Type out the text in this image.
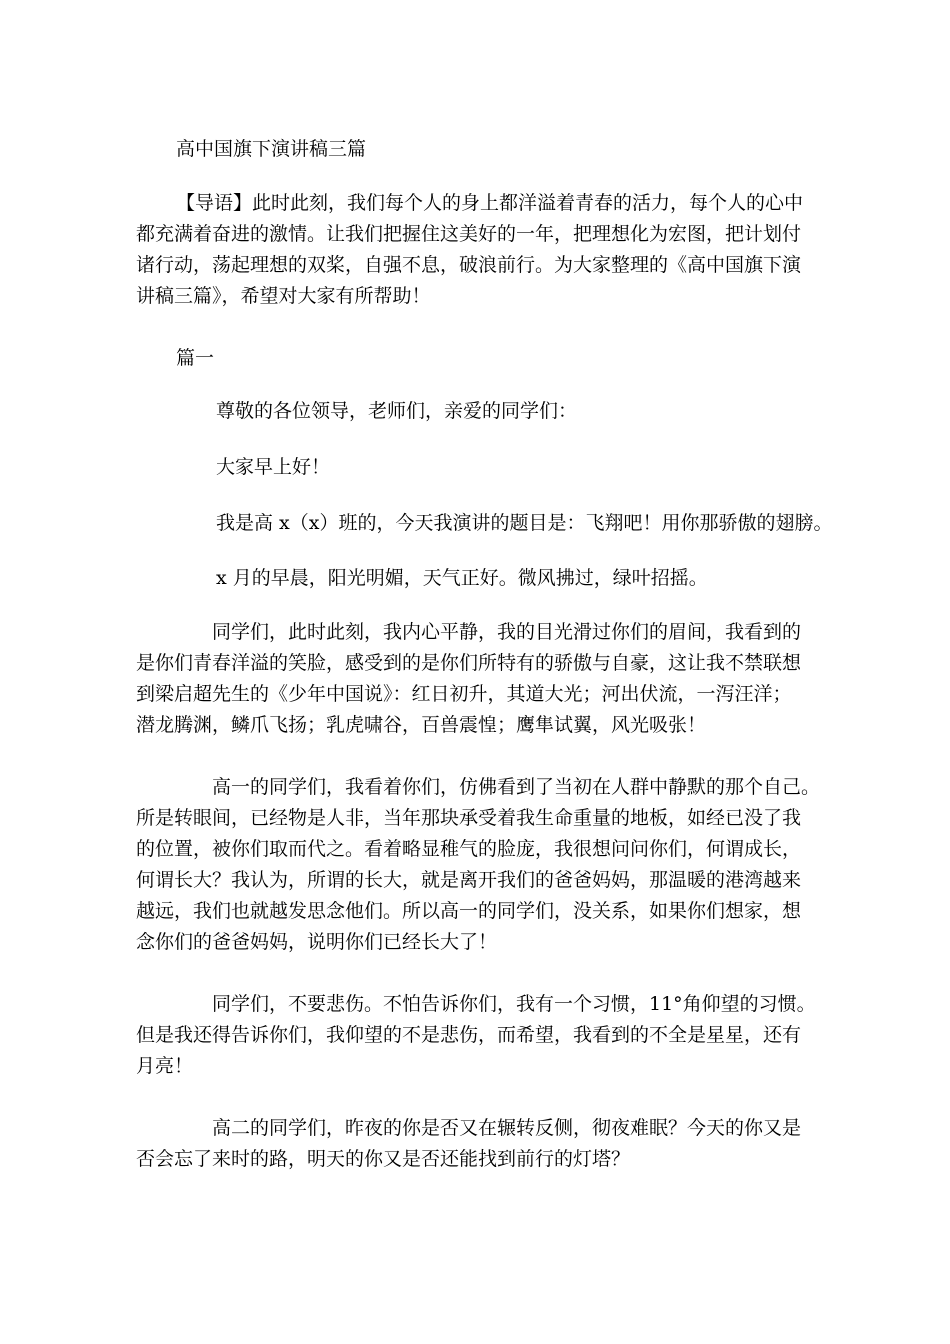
高中国旗下演讲稿三篇
【导语】此时此刻，我们每个人的身上都洋溢着青春的活力，每个人的心中
都充满着奋进的激情。让我们把握住这美好的一年，把理想化为宏图，把计划付
诸行动，荡起理想的双桨，自强不息，破浪前行。为大家整理的《高中国旗下演
讲稿三篇》，希望对大家有所帮助！
篇一
尊敬的各位领导，老师们，亲爱的同学们：
大家早上好！
我是高 x（x）班的，今天我演讲的题目是：飞翔吧！用你那骄傲的翅膀。
x 月的早晨，阳光明媚，天气正好。微风拂过，绿叶招摇。
同学们，此时此刻，我内心平静，我的目光滑过你们的眉间，我看到的
是你们青春洋溢的笑脸，感受到的是你们所特有的骄傲与自豪，这让我不禁联想
到梁启超先生的《少年中国说》：红日初升，其道大光；河出伏流，一泻汪洋；
潜龙腾渊，鳞爪飞扬；乳虎啸谷，百兽震惶；鹰隼试翼，风光吸张！
高一的同学们，我看着你们，仿佛看到了当初在人群中静默的那个自己。
所是转眼间，已经物是人非，当年那块承受着我生命重量的地板，如经已没了我
的位置，被你们取而代之。看着略显稚气的脸庞，我很想问问你们，何谓成长，
何谓长大？我认为，所谓的长大，就是离开我们的爸爸妈妈，那温暖的港湾越来
越远，我们也就越发思念他们。所以高一的同学们，没关系，如果你们想家，想
念你们的爸爸妈妈，说明你们已经长大了！
同学们，不要悲伤。不怕告诉你们，我有一个习惯，11°角仰望的习惯。
但是我还得告诉你们，我仰望的不是悲伤，而希望，我看到的不全是星星，还有
月亮！
高二的同学们，昨夜的你是否又在辗转反侧，彻夜难眠？今天的你又是
否会忘了来时的路，明天的你又是否还能找到前行的灯塔？
